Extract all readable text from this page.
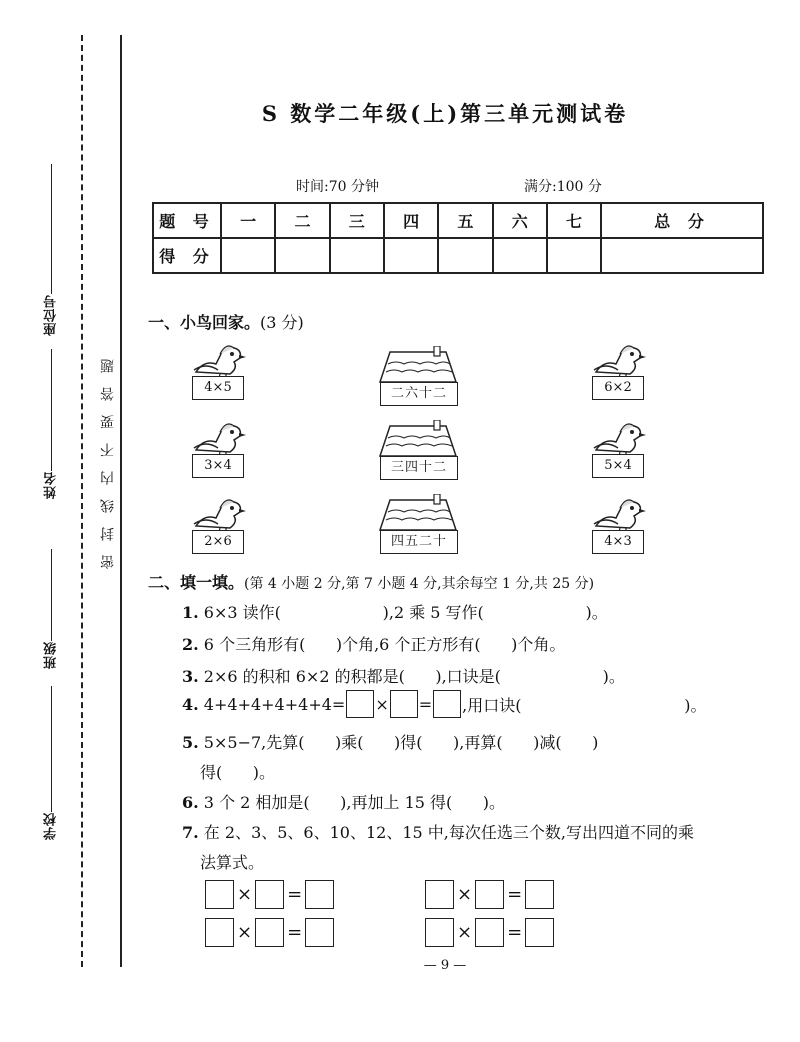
座位号
姓名
班级
学校
密封线内不要答题
S 数学二年级(上)第三单元测试卷
时间:70 分钟	满分:100 分
题 号	一	二	三	四	五	六	七	总 分
得 分								
一、小鸟回家。(3 分)
4×5
3×4
2×6
二六十二
三四十二
四五二十
6×2
5×4
4×3
二、填一填。(第 4 小题 2 分,第 7 小题 4 分,其余每空 1 分,共 25 分)
1. 6×3 读作(                    ),2 乘 5 写作(                    )。
2. 6 个三角形有(      )个角,6 个正方形有(      )个角。
3. 2×6 的积和 6×2 的积都是(      ),口诀是(                    )。
4.
4+4+4+4+4+4= × = ,用口诀(                                )。
5. 5×5−7,先算(      )乘(      )得(      ),再算(      )减(      )
得(      )。
6. 3 个 2 相加是(      ),再加上 15 得(      )。
7. 在 2、3、5、6、10、12、15 中,每次任选三个数,写出四道不同的乘
法算式。
× =	× =
× =	× =
— 9 —
